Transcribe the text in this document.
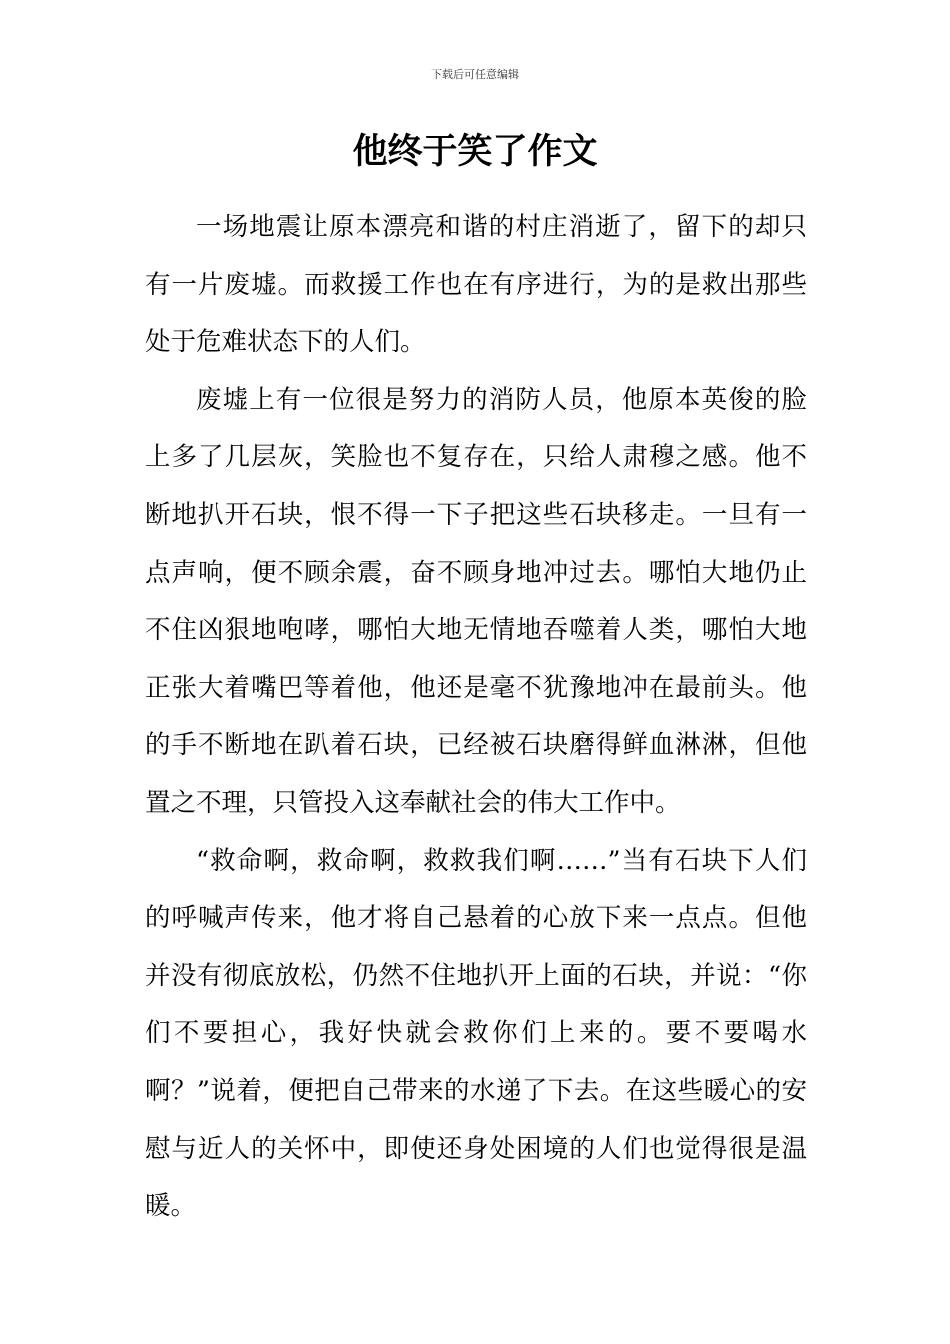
下载后可任意编辑
他终于笑了作文

一场地震让原本漂亮和谐的村庄消逝了，留下的却只有一片废墟。而救援工作也在有序进行，为的是救出那些处于危难状态下的人们。

废墟上有一位很是努力的消防人员，他原本英俊的脸上多了几层灰，笑脸也不复存在，只给人肃穆之感。他不断地扒开石块，恨不得一下子把这些石块移走。一旦有一点声响，便不顾余震，奋不顾身地冲过去。哪怕大地仍止不住凶狠地咆哮，哪怕大地无情地吞噬着人类，哪怕大地正张大着嘴巴等着他，他还是毫不犹豫地冲在最前头。他的手不断地在趴着石块，已经被石块磨得鲜血淋淋，但他置之不理，只管投入这奉献社会的伟大工作中。

“救命啊，救命啊，救救我们啊……”当有石块下人们的呼喊声传来，他才将自己悬着的心放下来一点点。但他并没有彻底放松，仍然不住地扒开上面的石块，并说：“你们不要担心，我好快就会救你们上来的。要不要喝水啊？”说着，便把自己带来的水递了下去。在这些暖心的安慰与近人的关怀中，即使还身处困境的人们也觉得很是温暖。
